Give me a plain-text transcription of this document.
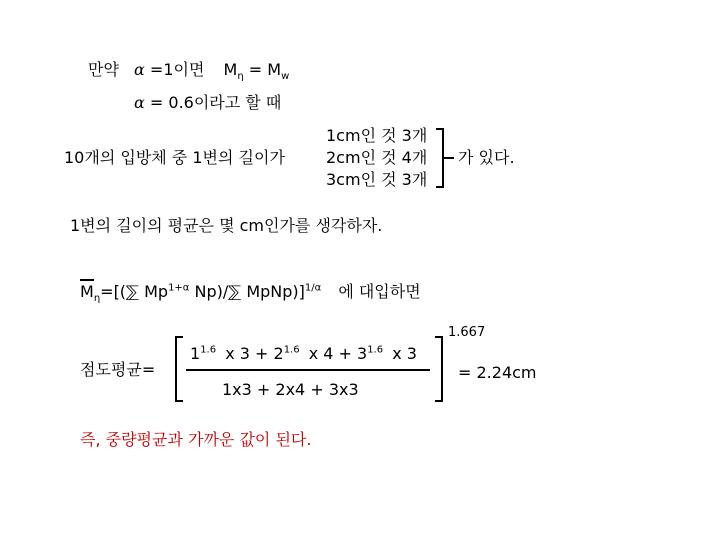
만약 α =1이면 $M_\eta = M_w$
α = 0.6이라고 할 때
10개의 입방체 중 1변의 길이가
1cm인 것 3개
2cm인 것 4개
3cm인 것 3개
가 있다.
1변의 길이의 평균은 몇 cm인가를 생각하자.
$M_\eta=[(⅀$ $Mp^{1+\alpha}$ Np)/⅀ MpNp)]$^{1/\alpha}$ 에 대입하면
점도평균=
$1^{1.6}$ x $3 + 2^{1.6}$ x $4 + 3^{1.6}$ x 3
1x3 + 2x4 + 3x3
1.667
= 2.24cm
즉, 중량평균과 가까운 값이 된다.
